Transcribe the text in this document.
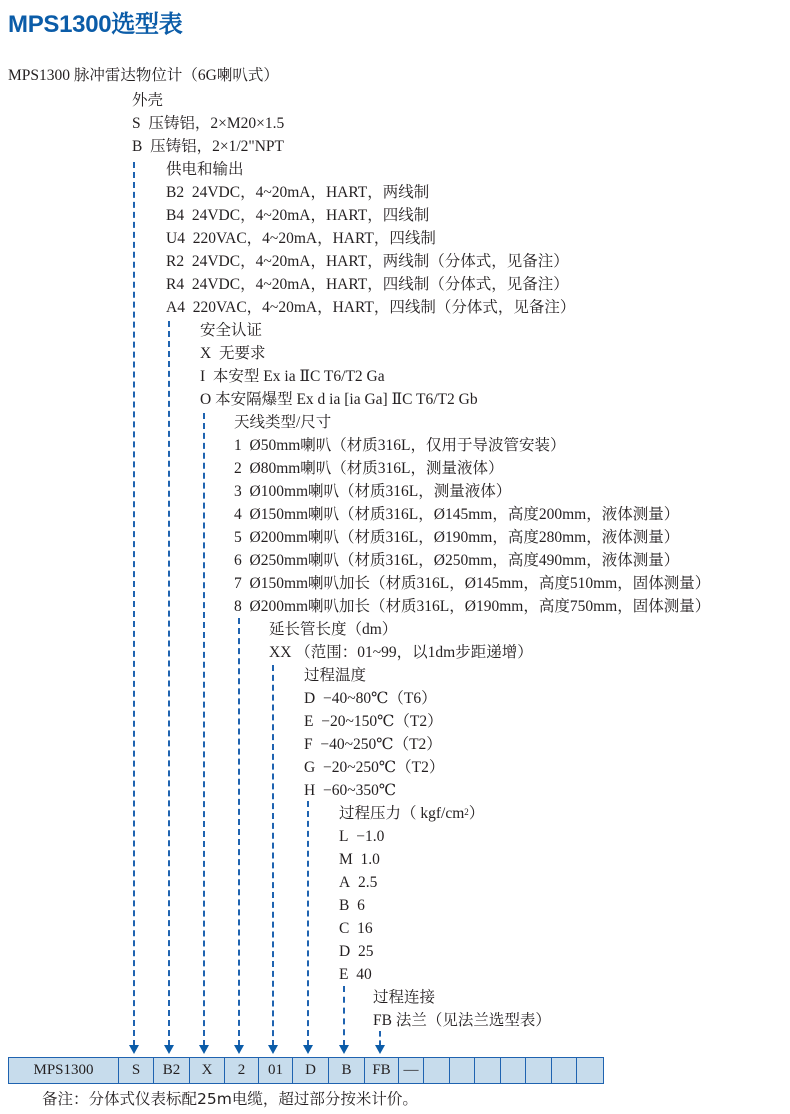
MPS1300选型表
MPS1300 脉冲雷达物位计（6G喇叭式）
外壳
S 压铸铝，2×M20×1.5
B 压铸铝，2×1/2"NPT
供电和输出
B2 24VDC，4~20mA，HART，两线制
B4 24VDC，4~20mA，HART，四线制
U4 220VAC，4~20mA，HART，四线制
R2 24VDC，4~20mA，HART，两线制（分体式，见备注）
R4 24VDC，4~20mA，HART，四线制（分体式，见备注）
A4 220VAC，4~20mA，HART，四线制（分体式，见备注）
安全认证
X 无要求
I 本安型 Ex ia ⅡC T6/T2 Ga
O 本安隔爆型 Ex d ia [ia Ga] ⅡC T6/T2 Gb
天线类型/尺寸
1 Ø50mm喇叭（材质316L，仅用于导波管安装）
2 Ø80mm喇叭（材质316L，测量液体）
3 Ø100mm喇叭（材质316L，测量液体）
4 Ø150mm喇叭（材质316L，Ø145mm，高度200mm，液体测量）
5 Ø200mm喇叭（材质316L，Ø190mm，高度280mm，液体测量）
6 Ø250mm喇叭（材质316L，Ø250mm，高度490mm，液体测量）
7 Ø150mm喇叭加长（材质316L，Ø145mm，高度510mm，固体测量）
8 Ø200mm喇叭加长（材质316L，Ø190mm，高度750mm，固体测量）
延长管长度（dm）
XX （范围：01~99，以1dm步距递增）
过程温度
D −40~80℃（T6）
E −20~150℃（T2）
F −40~250℃（T2）
G −20~250℃（T2）
H −60~350℃
过程压力（ kgf/$cm^2$）
L −1.0
M 1.0
A 2.5
B 6
C 16
D 25
E 40
过程连接
FB 法兰（见法兰选型表）
MPS1300	S	B2	X	2	01	D	B	FB —
备注：分体式仪表标配25m电缆，超过部分按米计价。
